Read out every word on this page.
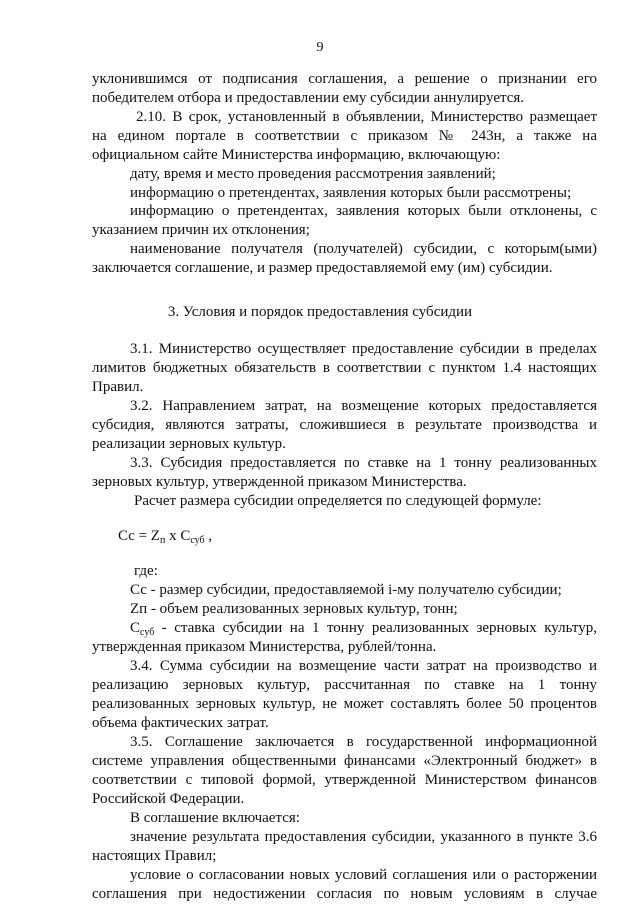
9
уклонившимся от подписания соглашения, а решение о признании его
победителем отбора и предоставлении ему субсидии аннулируется.
2.10. В срок, установленный в объявлении, Министерство размещает
на едином портале в соответствии с приказом № 243н, а также на
официальном сайте Министерства информацию, включающую:
дату, время и место проведения рассмотрения заявлений;
информацию о претендентах, заявления которых были рассмотрены;
информацию о претендентах, заявления которых были отклонены, с
указанием причин их отклонения;
наименование получателя (получателей) субсидии, с которым(ыми)
заключается соглашение, и размер предоставляемой ему (им) субсидии.
3. Условия и порядок предоставления субсидии
3.1. Министерство осуществляет предоставление субсидии в пределах
лимитов бюджетных обязательств в соответствии с пунктом 1.4 настоящих
Правил.
3.2. Направлением затрат, на возмещение которых предоставляется
субсидия, являются затраты, сложившиеся в результате производства и
реализации зерновых культур.
3.3. Субсидия предоставляется по ставке на 1 тонну реализованных
зерновых культур, утвержденной приказом Министерства.
Расчет размера субсидии определяется по следующей формуле:
Сс = $Z_п$ х $С_{суб}$ ,
где:
Сс - размер субсидии, предоставляемой i-му получателю субсидии;
Zп - объем реализованных зерновых культур, тонн;
$С_{суб}$ - ставка субсидии на 1 тонну реализованных зерновых культур,
утвержденная приказом Министерства, рублей/тонна.
3.4. Сумма субсидии на возмещение части затрат на производство и
реализацию зерновых культур, рассчитанная по ставке на 1 тонну
реализованных зерновых культур, не может составлять более 50 процентов
объема фактических затрат.
3.5. Соглашение заключается в государственной информационной
системе управления общественными финансами «Электронный бюджет» в
соответствии с типовой формой, утвержденной Министерством финансов
Российской Федерации.
В соглашение включается:
значение результата предоставления субсидии, указанного в пункте 3.6
настоящих Правил;
условие о согласовании новых условий соглашения или о расторжении
соглашения при недостижении согласия по новым условиям в случае
